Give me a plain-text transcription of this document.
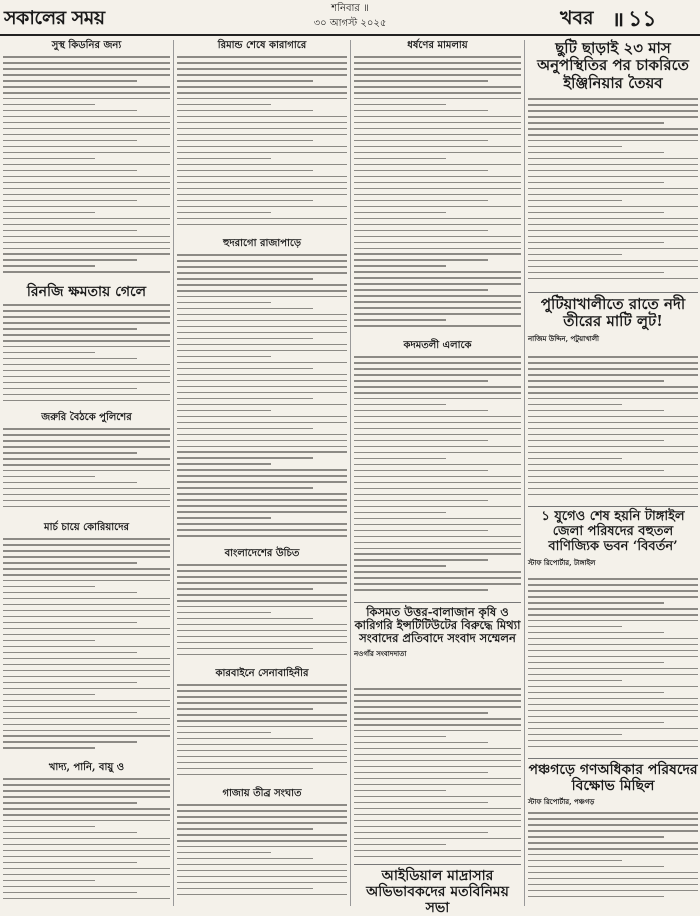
সকালের সময়	শনিবার ॥
৩০ আগস্ট ২০২৫	খবর ॥ ১১
সুস্থ কিডনির জন্য
রিনজি ক্ষমতায় গেলে
জরুরি বৈঠকে পুলিশের
মার্চ চায়ে কোরিয়াদের
খাদ্য, পানি, বায়ু ও
রিমান্ড শেষে কারাগারে
হুদরাগো রাজাপাড়ে
বাংলাদেশের উচিত
কারবাইনে সেনাবাহিনীর
গাজায় তীব্র সংঘাত
ধর্ষণের মামলায়
কদমতলী এলাকে
কিসমত উত্তর-বালাজান কৃষি ও কারিগরি ইন্সটিটিউটের বিরুদ্ধে মিথ্যা সংবাদের প্রতিবাদে সংবাদ সম্মেলন
নওগাঁর সংবাদদাতা
আইডিয়াল মাদ্রাসার অভিভাবকদের মতবিনিময় সভা
ছুটি ছাড়াই ২৩ মাস অনুপস্থিতির পর চাকরিতে ইঞ্জিনিয়ার তৈয়ব
পুটিয়াখালীতে রাতে নদী তীরের মাটি লুট!
নাজিম উদ্দিন, পটুয়াখালী
১ যুগেও শেষ হয়নি টাঙ্গাইল জেলা পরিষদের বহুতল বাণিজ্যিক ভবন ‘বিবর্তন’
স্টাফ রিপোর্টার, টাঙ্গাইল
পঞ্চগড়ে গণঅধিকার পরিষদের বিক্ষোভ মিছিল
স্টাফ রিপোর্টার, পঞ্চগড়
